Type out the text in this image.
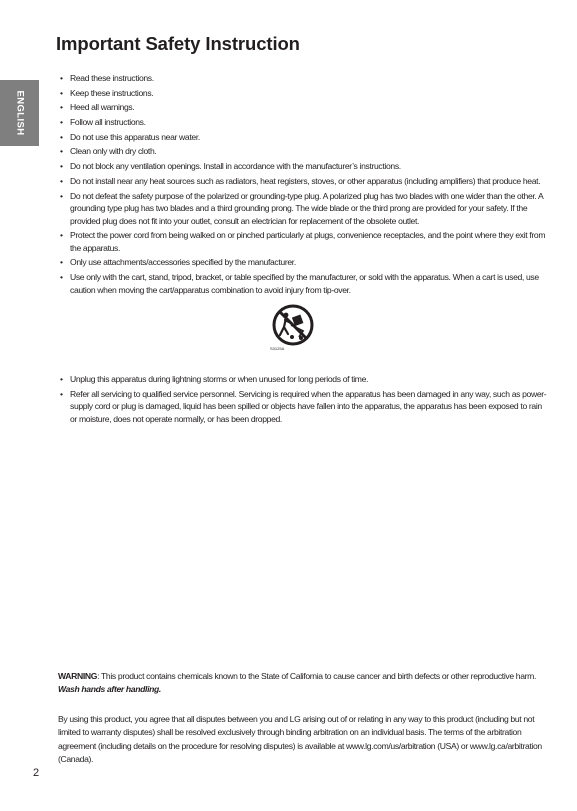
ENGLISH
Important Safety Instruction
• Read these instructions.
• Keep these instructions.
• Heed all warnings.
• Follow all instructions.
• Do not use this apparatus near water.
• Clean only with dry cloth.
• Do not block any ventilation openings. Install in accordance with the manufacturer’s instructions.
• Do not install near any heat sources such as radiators, heat registers, stoves, or other apparatus (including amplifiers) that produce heat.
• Do not defeat the safety purpose of the polarized or grounding-type plug. A polarized plug has two blades with one wider than the other. A grounding type plug has two blades and a third grounding prong. The wide blade or the third prong are provided for your safety. If the provided plug does not fit into your outlet, consult an electrician for replacement of the obsolete outlet.
• Protect the power cord from being walked on or pinched particularly at plugs, convenience receptacles, and the point where they exit from the apparatus.
• Only use attachments/accessories specified by the manufacturer.
• Use only with the cart, stand, tripod, bracket, or table specified by the manufacturer, or sold with the apparatus. When a cart is used, use caution when moving the cart/apparatus combination to avoid injury from tip-over.
S3125A
• Unplug this apparatus during lightning storms or when unused for long periods of time.
• Refer all servicing to qualified service personnel. Servicing is required when the apparatus has been damaged in any way, such as power-supply cord or plug is damaged, liquid has been spilled or objects have fallen into the apparatus, the apparatus has been exposed to rain or moisture, does not operate normally, or has been dropped.
WARNING: This product contains chemicals known to the State of California to cause cancer and birth defects or other reproductive harm. Wash hands after handling.
By using this product, you agree that all disputes between you and LG arising out of or relating in any way to this product (including but not limited to warranty disputes) shall be resolved exclusively through binding arbitration on an individual basis. The terms of the arbitration agreement (including details on the procedure for resolving disputes) is available at www.lg.com/us/arbitration (USA) or www.lg.ca/arbitration (Canada).
2
